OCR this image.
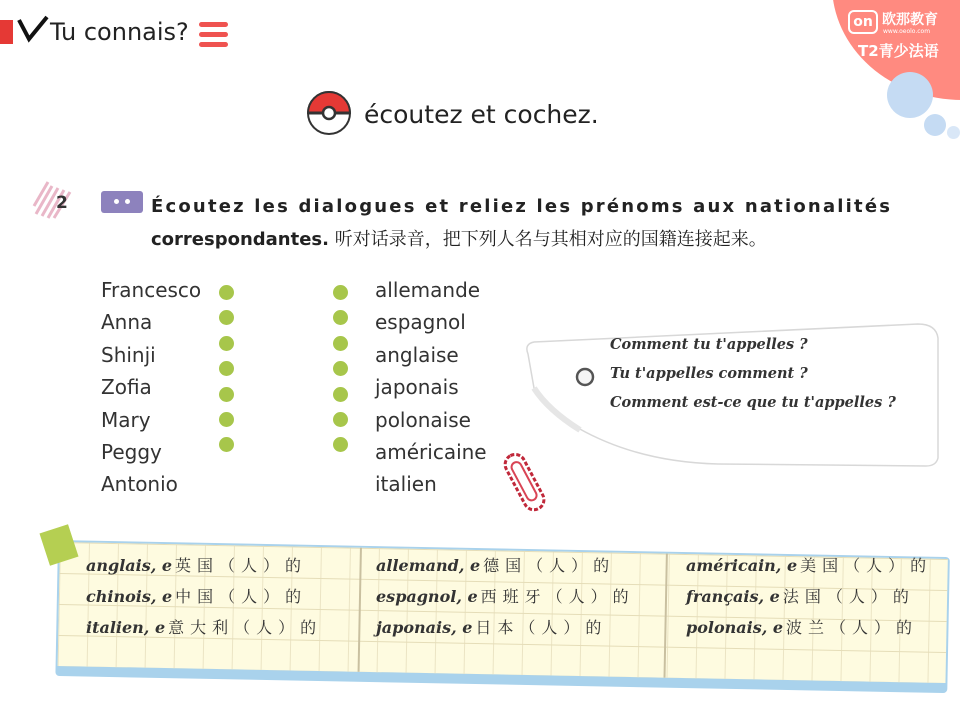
Tu connais?	on 欧那教育
www.oeolo.com
T2青少法语
écoutez et cochez.
2	Écoutez les dialogues et reliez les prénoms aux nationalités
correspondantes. 听对话录音，把下列人名与其相对应的国籍连接起来。
Francesco
Anna
Shinji
Zofia
Mary
Peggy
Antonio
allemande
espagnol
anglaise
japonais
polonaise
américaine
italien
Comment tu t'appelles ?
Tu t'appelles comment ?
Comment est-ce que tu t'appelles ?
anglais, e 英国（人）的
chinois, e 中国（人）的
italien, e 意大利（人）的
allemand, e 德国（人）的
espagnol, e 西班牙（人）的
japonais, e 日本（人）的
américain, e 美国（人）的
français, e 法国（人）的
polonais, e 波兰（人）的
